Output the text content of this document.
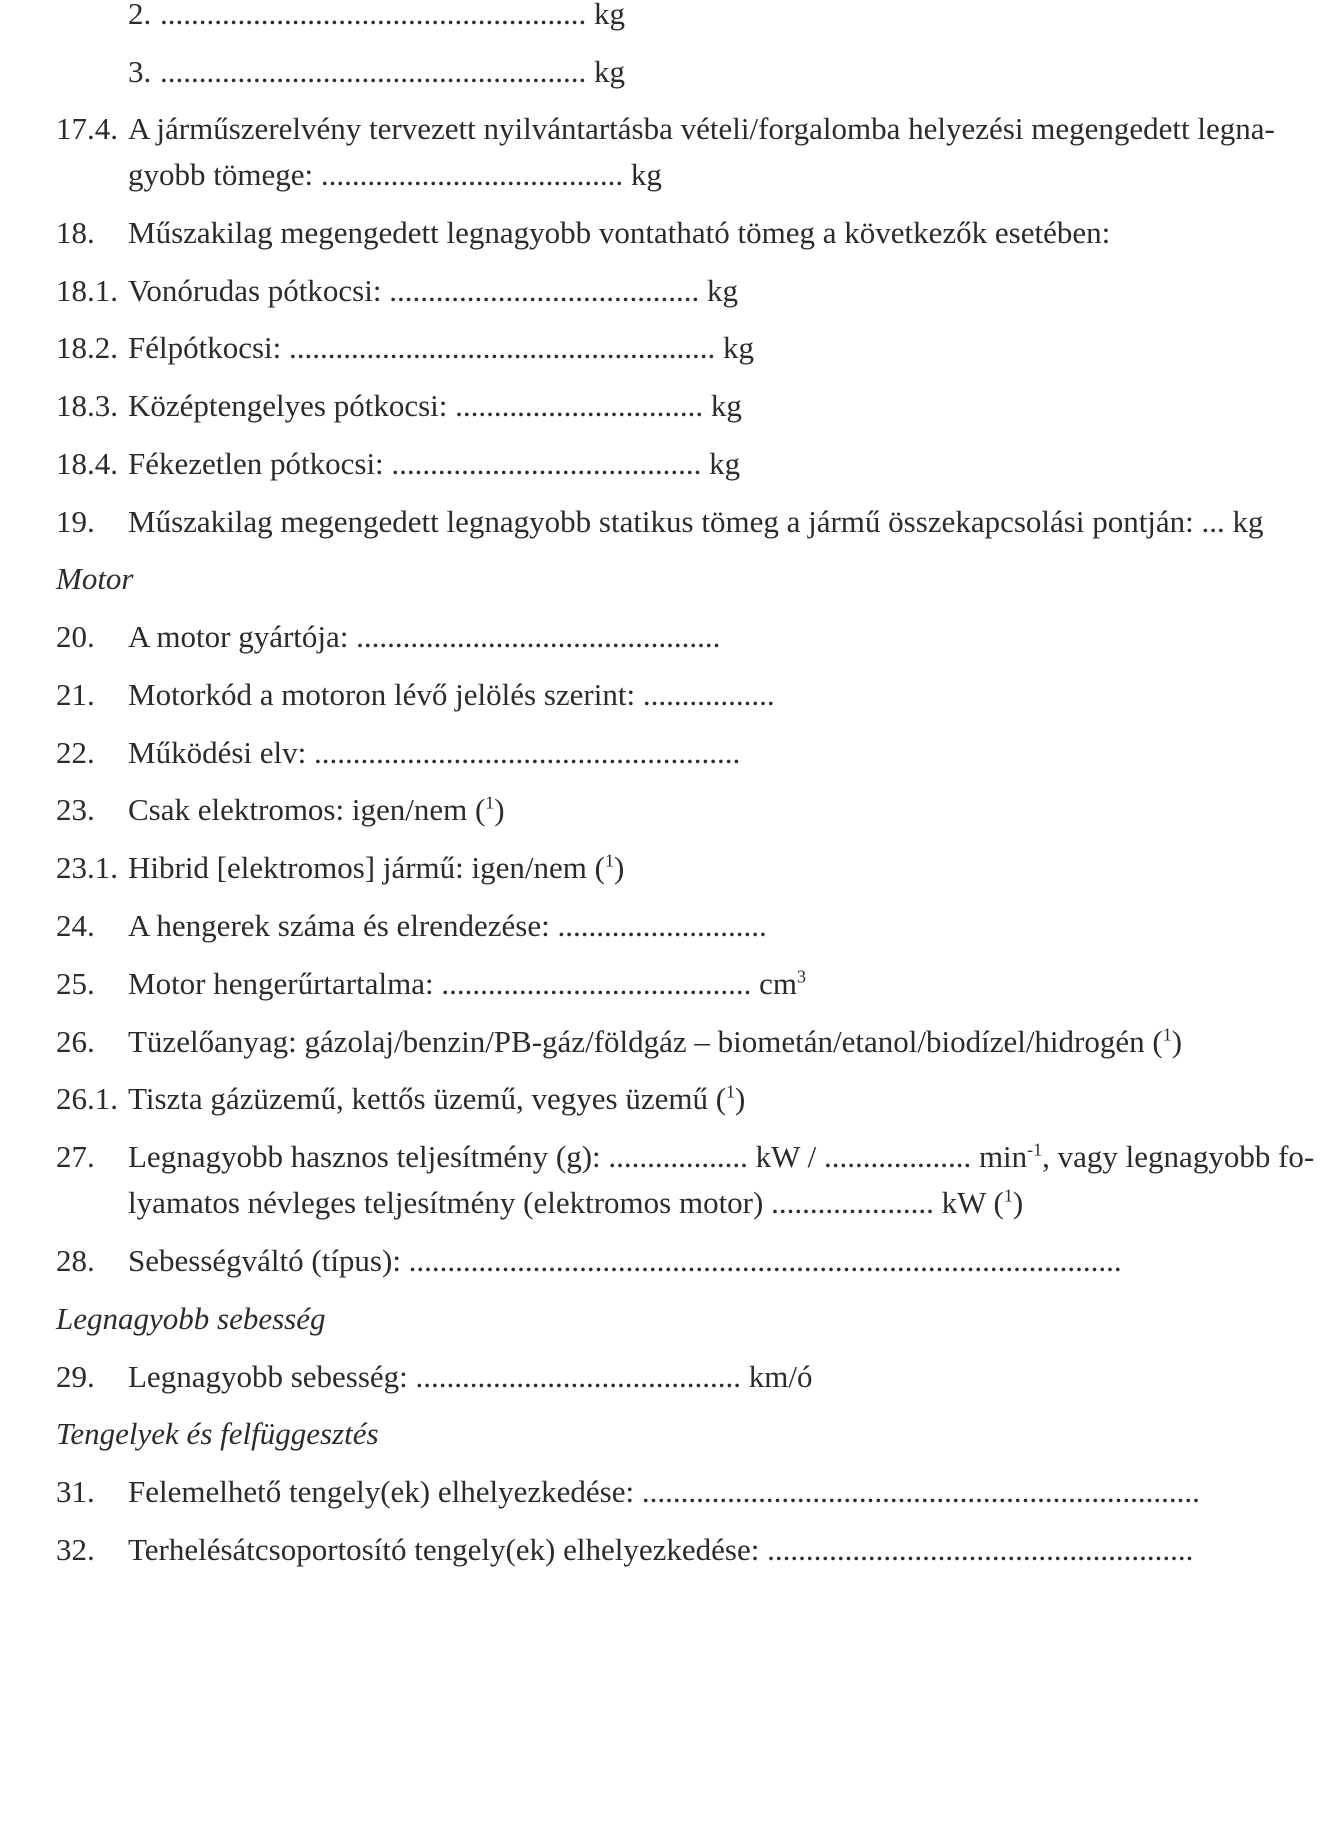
2. ....................................................... kg
3. ....................................................... kg
17.4. A járműszerelvény tervezett nyilvántartásba vételi/forgalomba helyezési megengedett legna-
gyobb tömege: ....................................... kg
18. Műszakilag megengedett legnagyobb vontatható tömeg a következők esetében:
18.1. Vonórudas pótkocsi: ........................................ kg
18.2. Félpótkocsi: ....................................................... kg
18.3. Középtengelyes pótkocsi: ................................ kg
18.4. Fékezetlen pótkocsi: ........................................ kg
19. Műszakilag megengedett legnagyobb statikus tömeg a jármű összekapcsolási pontján: ... kg
Motor
20. A motor gyártója: ...............................................
21. Motorkód a motoron lévő jelölés szerint: .................
22. Működési elv: .......................................................
23. Csak elektromos: igen/nem ($^1$)
23.1. Hibrid [elektromos] jármű: igen/nem ($^1$)
24. A hengerek száma és elrendezése: ...........................
25. Motor hengerűrtartalma: ........................................ $cm^3$
26. Tüzelőanyag: gázolaj/benzin/PB-gáz/földgáz – biometán/etanol/biodízel/hidrogén ($^1$)
26.1. Tiszta gázüzemű, kettős üzemű, vegyes üzemű ($^1$)
27. Legnagyobb hasznos teljesítmény (g): .................. kW / ................... $\min^{-1}$, vagy legnagyobb fo-
lyamatos névleges teljesítmény (elektromos motor) ..................... kW ($^1$)
28. Sebességváltó (típus): ............................................................................................
Legnagyobb sebesség
29. Legnagyobb sebesség: .......................................... km/ó
Tengelyek és felfüggesztés
31. Felemelhető tengely(ek) elhelyezkedése: ........................................................................
32. Terhelésátcsoportosító tengely(ek) elhelyezkedése: .......................................................
